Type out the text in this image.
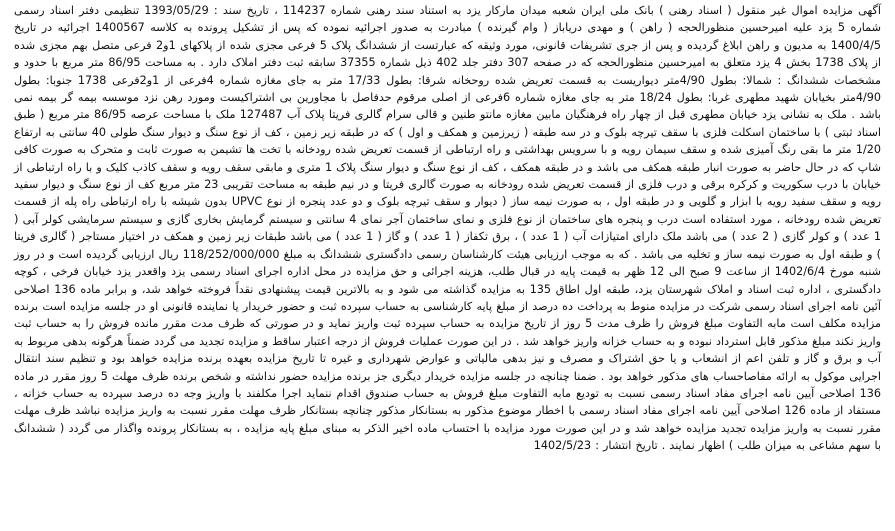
آگهی مزایده اموال غیر منقول ( اسناد رهنی ) بانک ملی ایران شعبه میدان مارکار یزد به استناد سند رهنی شماره 114237 ، تاریخ سند : 1393/05/29 تنظیمی دفتر اسناد رسمی شماره 5 یزد علیه امیرحسین منظورالحجه ( راهن ) و مهدی دریاباز ( وام گیرنده ) مبادرت به صدور اجرائیه نموده که پس از تشکیل پرونده به کلاسه 1400567 اجرائیه در تاریخ 1400/4/5 به مدیون و راهن ابلاغ گردیده و پس از جری تشریفات قانونی، مورد وثیقه که عبارتست از ششدانگ پلاک 5 فرعی مجزی شده از پلاکهای 1و2 فرعی متصل بهم مجزی شده از پلاک 1738 بخش 4 یزد متعلق به امیرحسین منظورالحجه که در صفحه 307 دفتر جلد 402 ذیل شماره 37355 سابقه ثبت دفتر املاک دارد . به مساحت 86/95 متر مربع با حدود و مشخصات ششدانگ : شمالا: بطول 4/90متر دیواریست به قسمت تعریض شده روحخانه شرقا: بطول 17/33 متر به جای مغازه شماره 4فرعی از 1و2فرعی 1738 جنوبا: بطول 4/90متر بخیابان شهید مطهری غربا: بطول 18/24 متر به جای مغازه شماره 6فرعی از اصلی مرقوم حدفاصل با مجاورین بی اشتراکیست ومورد رهن نزد موسسه بیمه گر بیمه نمی باشد . ملک به نشانی یزد خیابان مطهری قبل از چهار راه فرهنگیان مابین مغازه مانتو طنین و قالی سرام گالری فریتا پلاک آب 127487 ملک با مساحت عرصه 86/95 متر مربع ( طبق اسناد ثبتی ) با ساختمان اسکلت فلزی با سقف تیرچه بلوک و در سه طبقه ( زیرزمین و همکف و اول ) که در طبقه زیر زمین ، کف از نوع سنگ و دیوار سنگ طولی 40 سانتی به ارتفاع 1/20 متر ما بقی رنگ آمیزی شده و سقف سیمان رویه و با سرویس بهداشتی و راه ارتباطی از قسمت تعریض شده رودخانه با تخت ها تشیمن به صورت ثابت و متحرک به صورت کافی شاپ که در حال حاضر به صورت انبار طبقه همکف می باشد و در طبقه همکف ، کف از نوع سنگ و دیوار سنگ پلاک 1 متری و مابقی سقف رویه و سقف کاذب کلیک و با راه ارتباطی از خیابان با درب سکوریت و کرکره برقی و درب فلزی از قسمت تعریض شده رودخانه به صورت گالری فریتا و در نیم طبقه به مساحت تقریبی 23 متر مربع کف از نوع سنگ و دیوار سفید رویه و سقف سفید رویه با ابزار و گلویی و در طبقه اول ، به صورت نیمه ساز ( دیوار و سقف تیرچه بلوک و دو عدد پنجره از نوع UPVC بدون شیشه با راه ارتباطی راه پله از قسمت تعریض شده رودخانه ، مورد استفاده است درب و پنجره های ساختمان از نوع فلزی و نمای ساختمان آجر نمای 4 سانتی و سیستم گرمایش بخاری گازی و سیستم سرمایشی کولر آبی ( 1 عدد ) و کولر گازی ( 2 عدد ) می باشد ملک دارای امتیازات آب ( 1 عدد ) ، برق تکفاز ( 1 عدد ) و گاز ( 1 عدد ) می باشد طبقات زیر زمین و همکف در اختیار مستاجر ( گالری فریتا ) و طبقه اول به صورت نیمه ساز و تخلیه می باشد . که به موجب ارزیابی هیئت کارشناسان رسمی دادگستری ششدانگ به مبلغ 118/252/000/000 ریال ارزیابی گردیده است و در روز شنبه مورخ 1402/6/4 از ساعت 9 صبح الی 12 ظهر به قیمت پایه در قبال طلب، هزینه اجرائی و حق مزایده در محل اداره اجرای اسناد رسمی یزد واقعدر یزد خیابان فرخی ، کوچه دادگستری ، اداره ثبت اسناد و املاک شهرستان یزد، طبقه اول اطاق 135 به مزایده گذاشته می شود و به بالاترین قیمت پیشنهادی نقداً فروخته خواهد شد، و برابر ماده 136 اصلاحی آئین نامه اجرای اسناد رسمی شرکت در مزایده منوط به پرداخت ده درصد از مبلغ پایه کارشناسی به حساب سپرده ثبت و حضور خریدار یا نماینده قانونی او در جلسه مزایده است برنده مزایده مکلف است مابه التفاوت مبلغ فروش را ظرف مدت 5 روز از تاریخ مزایده به حساب سپرده ثبت واریز نماید و در صورتی که ظرف مدت مقرر مانده فروش را به حساب ثبت واریز نکند مبلغ مذکور قابل استرداد نبوده و به حساب خزانه واریز خواهد شد . در این صورت عملیات فروش از درجه اعتبار ساقط و مزایده تجدید می گردد ضمناً هرگونه بدهی مربوط به آب و برق و گاز و تلفن اعم از انشعاب و یا حق اشتراک و مصرف و نیز بدهی مالیاتی و عوارض شهرداری و غیره تا تاریخ مزایده بعهده برنده مزایده خواهد بود و تنظیم سند انتقال اجرایی موکول به ارائه مفاصاحساب های مذکور خواهد بود . ضمنا چنانچه در جلسه مزایده خریدار دیگری جز برنده مزایده حضور نداشته و شخص برنده ظرف مهلت 5 روز مقرر در ماده 136 اصلاحی آیین نامه اجرای مفاد اسناد رسمی نسبت به تودیع مابه التفاوت مبلغ فروش به حساب صندوق اقدام ننماید اجرا مکلفند با واریز وجه ده درصد سپرده به حساب خزانه ، مستفاد از ماده 126 اصلاحی آیین نامه اجرای مفاد اسناد رسمی با اخطار موضوع مذکور به بستانکار مذکور چنانچه بستانکار ظرف مهلت مقرر نسبت به واریز مزایده نباشد ظرف مهلت مقرر نسبت به واریز مزایده تجدید مزایده خواهد شد و در این صورت مورد مزایده با احتساب ماده اخیر الذکر به مبنای مبلغ پایه مزایده ، به بستانکار پرونده واگذار می گردد ( ششدانگ با سهم مشاعی به میزان طلب ) اظهار نمایند . تاریخ انتشار : 1402/5/23
